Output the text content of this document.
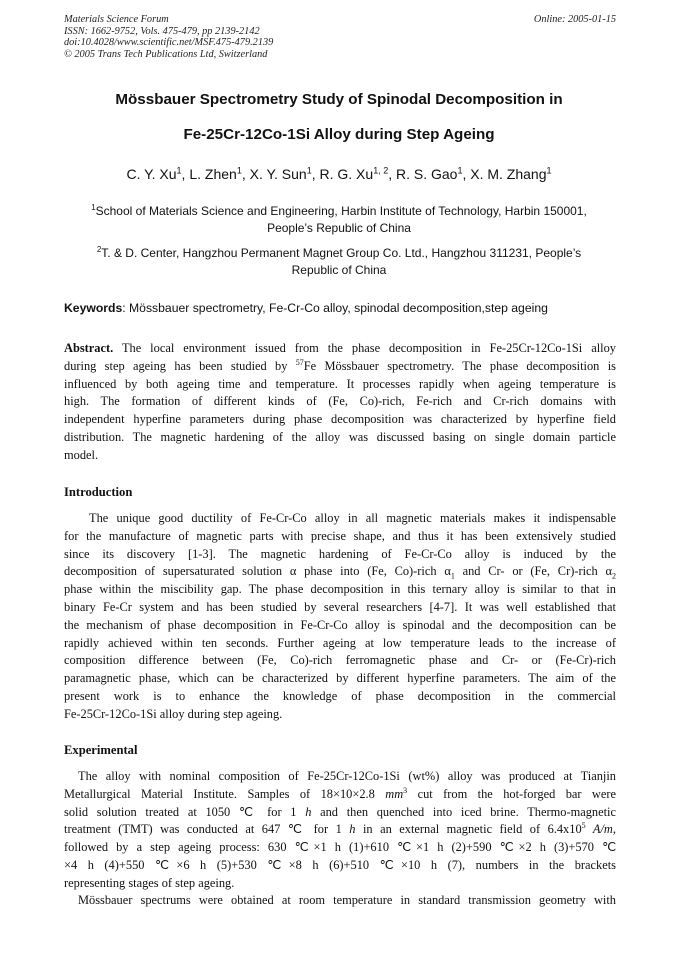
Materials Science Forum
ISSN: 1662-9752, Vols. 475-479, pp 2139-2142
doi:10.4028/www.scientific.net/MSF.475-479.2139
© 2005 Trans Tech Publications Ltd, Switzerland
Online: 2005-01-15
Mössbauer Spectrometry Study of Spinodal Decomposition in
Fe-25Cr-12Co-1Si Alloy during Step Ageing
C. Y. Xu$^1$, L. Zhen$^1$, X. Y. Sun$^1$, R. G. Xu$^{1, 2}$, R. S. Gao$^1$, X. M. Zhang$^1$
$^1$School of Materials Science and Engineering, Harbin Institute of Technology, Harbin 150001,
People’s Republic of China
$^2$T. & D. Center, Hangzhou Permanent Magnet Group Co. Ltd., Hangzhou 311231, People’s
Republic of China
Keywords: Mössbauer spectrometry, Fe-Cr-Co alloy, spinodal decomposition,step ageing
Abstract. The local environment issued from the phase decomposition in Fe-25Cr-12Co-1Si alloy
during step ageing has been studied by $^{57}$Fe Mössbauer spectrometry. The phase decomposition is
influenced by both ageing time and temperature. It processes rapidly when ageing temperature is
high. The formation of different kinds of (Fe, Co)-rich, Fe-rich and Cr-rich domains with
independent hyperfine parameters during phase decomposition was characterized by hyperfine field
distribution. The magnetic hardening of the alloy was discussed basing on single domain particle
model.
Introduction
The unique good ductility of Fe-Cr-Co alloy in all magnetic materials makes it indispensable
for the manufacture of magnetic parts with precise shape, and thus it has been extensively studied
since its discovery [1-3]. The magnetic hardening of Fe-Cr-Co alloy is induced by the
decomposition of supersaturated solution α phase into (Fe, Co)-rich $\alpha_1$ and Cr- or (Fe, Cr)-rich $\alpha_2$
phase within the miscibility gap. The phase decomposition in this ternary alloy is similar to that in
binary Fe-Cr system and has been studied by several researchers [4-7]. It was well established that
the mechanism of phase decomposition in Fe-Cr-Co alloy is spinodal and the decomposition can be
rapidly achieved within ten seconds. Further ageing at low temperature leads to the increase of
composition difference between (Fe, Co)-rich ferromagnetic phase and Cr- or (Fe-Cr)-rich
paramagnetic phase, which can be characterized by different hyperfine parameters. The aim of the
present work is to enhance the knowledge of phase decomposition in the commercial
Fe-25Cr-12Co-1Si alloy during step ageing.
Experimental
The alloy with nominal composition of Fe-25Cr-12Co-1Si (wt%) alloy was produced at Tianjin
Metallurgical Material Institute. Samples of 18×10×2.8 $mm^3$ cut from the hot-forged bar were
solid solution treated at 1050 ℃ for 1 h and then quenched into iced brine. Thermo-magnetic
treatment (TMT) was conducted at 647 ℃ for 1 h in an external magnetic field of $6.4x10^5$ A/m,
followed by a step ageing process: 630 ℃×1 h (1)+610 ℃×1 h (2)+590 ℃×2 h (3)+570 ℃
×4 h (4)+550 ℃×6 h (5)+530 ℃×8 h (6)+510 ℃×10 h (7), numbers in the brackets
representing stages of step ageing.
Mössbauer spectrums were obtained at room temperature in standard transmission geometry with
